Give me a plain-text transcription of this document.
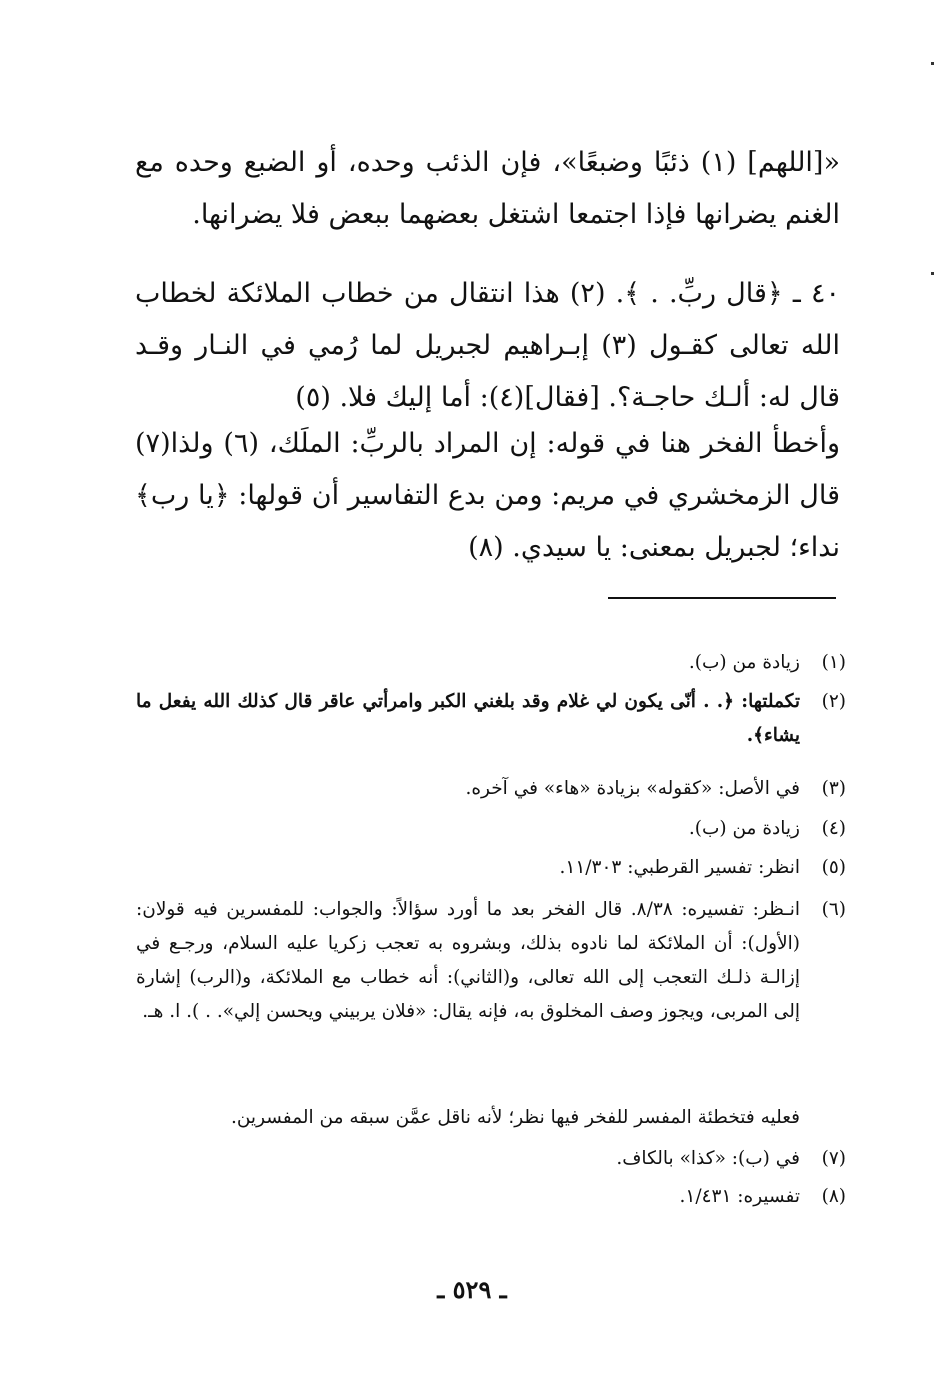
«[اللهم] (١) ذئبًا وضبعًا»، فإن الذئب وحده، أو الضبع وحده مع الغنم يضرانها فإذا اجتمعا اشتغل بعضهما ببعض فلا يضرانها.

٤٠ ـ ﴿قال ربِّ. . ﴾. (٢) هذا انتقال من خطاب الملائكة لخطاب الله تعالى كقـول (٣) إبـراهيم لجبريل لما رُمي في النـار وقـد قال له: ألـك حاجـة؟. [فقال](٤): أما إليك فلا. (٥)

وأخطأ الفخر هنا في قوله: إن المراد بالربِّ: الملَك، (٦) ولذا(٧) قال الزمخشري في مريم: ومن بدع التفاسير أن قولها: ﴿يا رب﴾ نداء؛ لجبريل بمعنى: يا سيدي. (٨)

(١)
زيادة من (ب).
(٢)
تكملتها: ﴿. . أنّى يكون لي غلام وقد بلغني الكبر وامرأتي عاقر قال كذلك الله يفعل ما يشاء﴾.
(٣)
في الأصل: «كقوله» بزيادة «هاء» في آخره.
(٤)
زيادة من (ب).
(٥)
انظر: تفسير القرطبي: ١١/٣٠٣.
(٦)
انـظر: تفسيره: ٨/٣٨. قال الفخر بعد ما أورد سؤالاً: والجواب: للمفسرين فيه قولان: (الأول): أن الملائكة لما نادوه بذلك، وبشروه به تعجب زكريا عليه السلام، ورجـع في إزالـة ذلـك التعجب إلى الله تعالى، و(الثاني): أنه خطاب مع الملائكة، و(الرب) إشارة إلى المربى، ويجوز وصف المخلوق به، فإنه يقال: «فلان يربيني ويحسن إلي». . ). ا. هـ.
فعليه فتخطئة المفسر للفخر فيها نظر؛ لأنه ناقل عمَّن سبقه من المفسرين.
(٧)
في (ب): «كذا» بالكاف.
(٨)
تفسيره: ١/٤٣١.
ـ ٥٢٩ ـ
